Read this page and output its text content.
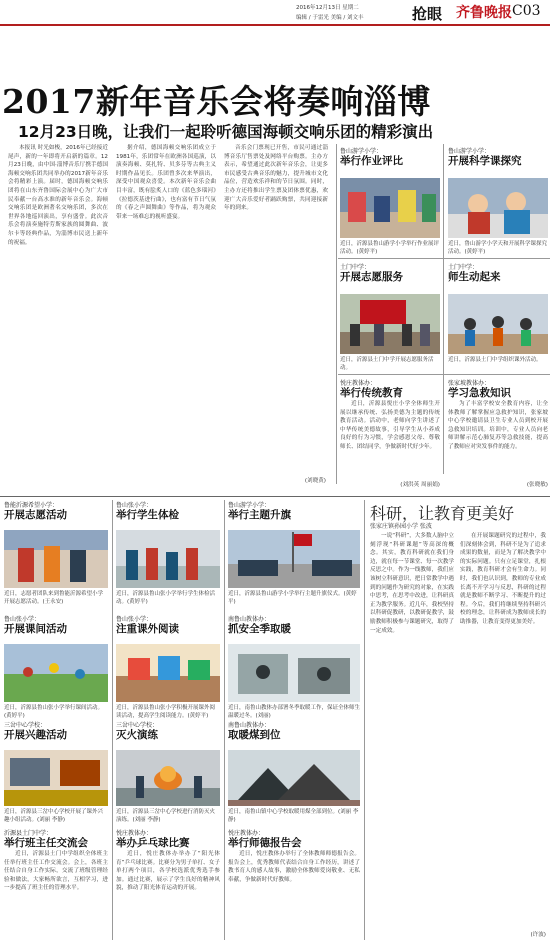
2016年12月13日 星期二
编辑 / 于雷光 美编 / 刘文丰	抢眼 齐鲁晚报 C03
2017新年音乐会将奏响淄博
12月23日晚，让我们一起聆听德国海顿交响乐团的精彩演出

本报讯 时光如梭，2016年已经接近尾声，新的一年即将开启新的篇章。12月23日晚，由中国·淄博音乐厅携手德国海顿交响乐团共同举办的2017新年音乐会将精彩上演。届时，德国海顿交响乐团将在山东齐鲁国际会展中心为广大市民奉献一台高水准的新年音乐会。海顿交响乐团是欧洲著名交响乐团，多次在世界各地巡回演出，享有盛誉。此次音乐会将演奏施特劳斯家族的圆舞曲、波尔卡等经典作品，为淄博市民送上新年的祝福。

据介绍，德国海顿交响乐团成立于1981年，乐团常年在欧洲各国巡演，以演奏海顿、莫扎特、贝多芬等古典主义时期作品见长。乐团曾多次来华演出，深受中国观众喜爱。本次新年音乐会曲目丰富，既有脍炙人口的《蓝色多瑙河》《拉德茨基进行曲》，也有富有节日气氛的《春之声圆舞曲》等作品，将为观众带来一场难忘的视听盛宴。

音乐会门票现已开售，市民可通过淄博音乐厅售票处及网络平台购票。主办方表示，希望通过此次新年音乐会，让更多市民感受古典音乐的魅力，提升城市文化品位，营造欢乐祥和的节日氛围。同时，主办方还将推出学生票及团体票优惠，欢迎广大音乐爱好者踊跃购票，共同迎接新年的到来。

(刘晓黄)
鲁山游学小学：
举行作业评比
近日，沂源县鲁山游学小学举行作业展评活动。(黄婷平)
鲁山游学小学：
开展科学课探究
近日，鲁山游学小学天和开展科学课探究活动。(黄婷平)
土门中学：
开展志愿服务
近日，沂源县土门中学开展志愿服务活动。
土门中学：
师生动起来
近日，沂源县土门中学组织课外活动。
悦庄教体办：
举行传统教育
近日，沂源县悦庄小学全体师生开展以继承传统、弘扬美德为主题的传统教育活动。活动中，老师向学生讲述了中华传统美德故事，引导学生从小养成良好的行为习惯，学会感恩父母、尊敬师长、团结同学，争做新时代好少年。
(刘洪英 周丽娟)
张家坡教体办：
学习急救知识
为了丰富学校安全教育内容，让全体教师了解掌握应急救护知识，张家坡中心学校邀请县卫生专业人员到校开展急救知识培训。培训中，专业人员向老师讲解示范心肺复苏等急救技能，提高了教师应对突发事件的能力。
(张晓敏)
鲁能沂源希望小学：
开展志愿活动
近日，志愿者团队来到鲁能沂源希望小学开展志愿活动。(王永安)
鲁山张小学：
开展课间活动
近日，沂源县鲁山张小学举行课间活动。(黄婷平)
三岔中心学校：
开展兴趣活动
近日，沂源县三岔中心学校开展了课外兴趣小组活动。(刘丽 李静)
沂源县土门中学：
举行班主任交流会
近日，沂源县土门中学组织全体班主任举行班主任工作交流会。会上，各班主任结合自身工作实际，交流了班级管理经验和做法，大家畅所欲言，互相学习，进一步提高了班主任的管理水平。
鲁山张小学：
举行学生体检
近日，沂源县鲁山张小学举行学生体检活动。(黄婷平)
鲁山张小学：
注重课外阅读
近日，沂源县鲁山张小学积极开展课外阅读活动，提高学生阅读能力。(黄婷平)
三岔中心学校：
灭火演练
近日，沂源县三岔中心学校进行消防灭火演练。(刘丽 李静)
悦庄教体办：
举办乒乓球比赛
近日，悦庄教体办举办了“阳光体育”乒乓球比赛。比赛分为男子单打、女子单打两个项目，各学校选派优秀选手参加。通过比赛，展示了学生良好的精神风貌，推动了阳光体育运动的开展。
鲁山游学小学：
举行主题升旗
近日，沂源县鲁山游学小学举行主题升旗仪式。(黄婷平)
南鲁山教体办：
抓安全季取暖
近日，南鲁山教体办部署冬季取暖工作，保证全体师生温暖过冬。(刘丽)
南鲁山教体办：
取暖煤到位
近日，南鲁山镇中心学校取暖用煤全部到位。(刘丽 李静)
悦庄教体办：
举行师德报告会
近日，悦庄教体办举行了全体教师师德报告会。报告会上，优秀教师代表结合自身工作经历，讲述了教书育人的感人故事，激励全体教师爱岗敬业、无私奉献，争做新时代好教师。
科研，让教育更美好
张家庄镇孙园小学 张波
一说“科研”，大多数人脑中立刻浮现“科研课题”等高深的概念。其实，教育科研就在我们身边，就在每一节课堂、每一次教学反思之中。作为一线教师，我们应该树立科研意识，把日常教学中遇到的问题作为研究的对象，在实践中思考，在思考中改进，让科研真正为教学服务。近几年，我校坚持以科研促教研，以教研促教学，鼓励教师积极参与课题研究，取得了一定成效。
在开展课题研究的过程中，我们深刻体会到，科研不是为了追求成果的数量，而是为了解决教学中的实际问题。只有立足课堂，扎根实践，教育科研才会有生命力。同时，我们也认识到，教师的专业成长离不开学习与反思，科研的过程就是教师不断学习、不断提升的过程。今后，我们将继续坚持科研兴校的理念，让科研成为教师成长的助推器，让教育变得更加美好。
(许波)
